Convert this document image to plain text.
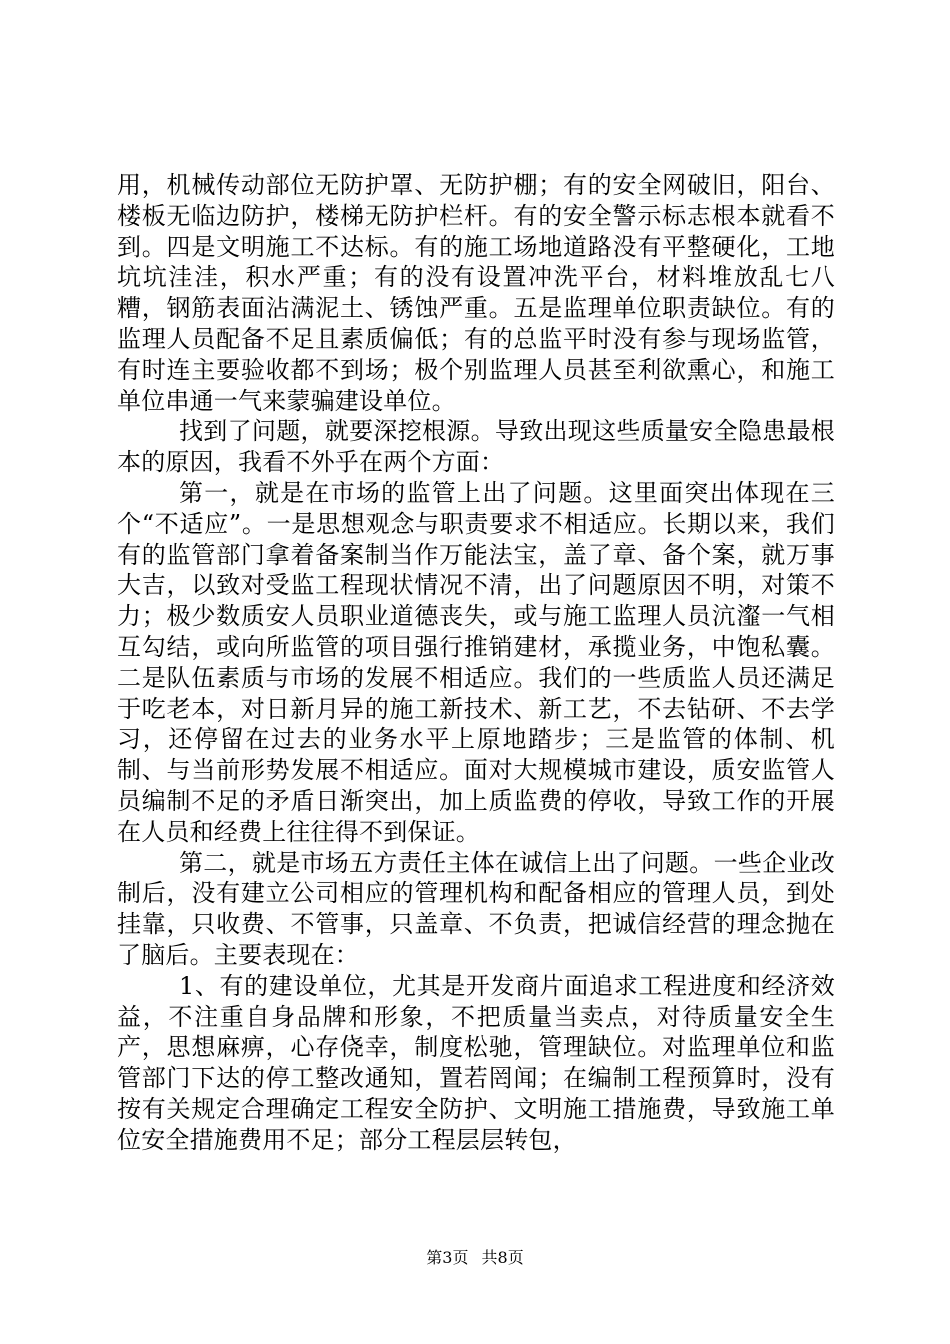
用，机械传动部位无防护罩、无防护棚；有的安全网破旧，阳台、楼板无临边防护，楼梯无防护栏杆。有的安全警示标志根本就看不到。四是文明施工不达标。有的施工场地道路没有平整硬化，工地坑坑洼洼，积水严重；有的没有设置冲洗平台，材料堆放乱七八糟，钢筋表面沾满泥土、锈蚀严重。五是监理单位职责缺位。有的监理人员配备不足且素质偏低；有的总监平时没有参与现场监管，有时连主要验收都不到场；极个别监理人员甚至利欲熏心，和施工单位串通一气来蒙骗建设单位。

找到了问题，就要深挖根源。导致出现这些质量安全隐患最根本的原因，我看不外乎在两个方面：

第一，就是在市场的监管上出了问题。这里面突出体现在三个“不适应”。一是思想观念与职责要求不相适应。长期以来，我们有的监管部门拿着备案制当作万能法宝，盖了章、备个案，就万事大吉，以致对受监工程现状情况不清，出了问题原因不明，对策不力；极少数质安人员职业道德丧失，或与施工监理人员沆瀣一气相互勾结，或向所监管的项目强行推销建材，承揽业务，中饱私囊。二是队伍素质与市场的发展不相适应。我们的一些质监人员还满足于吃老本，对日新月异的施工新技术、新工艺，不去钻研、不去学习，还停留在过去的业务水平上原地踏步；三是监管的体制、机制、与当前形势发展不相适应。面对大规模城市建设，质安监管人员编制不足的矛盾日渐突出，加上质监费的停收，导致工作的开展在人员和经费上往往得不到保证。

第二，就是市场五方责任主体在诚信上出了问题。一些企业改制后，没有建立公司相应的管理机构和配备相应的管理人员，到处挂靠，只收费、不管事，只盖章、不负责，把诚信经营的理念抛在了脑后。主要表现在：

1、有的建设单位，尤其是开发商片面追求工程进度和经济效益，不注重自身品牌和形象，不把质量当卖点，对待质量安全生产，思想麻痹，心存侥幸，制度松驰，管理缺位。对监理单位和监管部门下达的停工整改通知，置若罔闻；在编制工程预算时，没有按有关规定合理确定工程安全防护、文明施工措施费，导致施工单位安全措施费用不足；部分工程层层转包，

第3页 共8页
